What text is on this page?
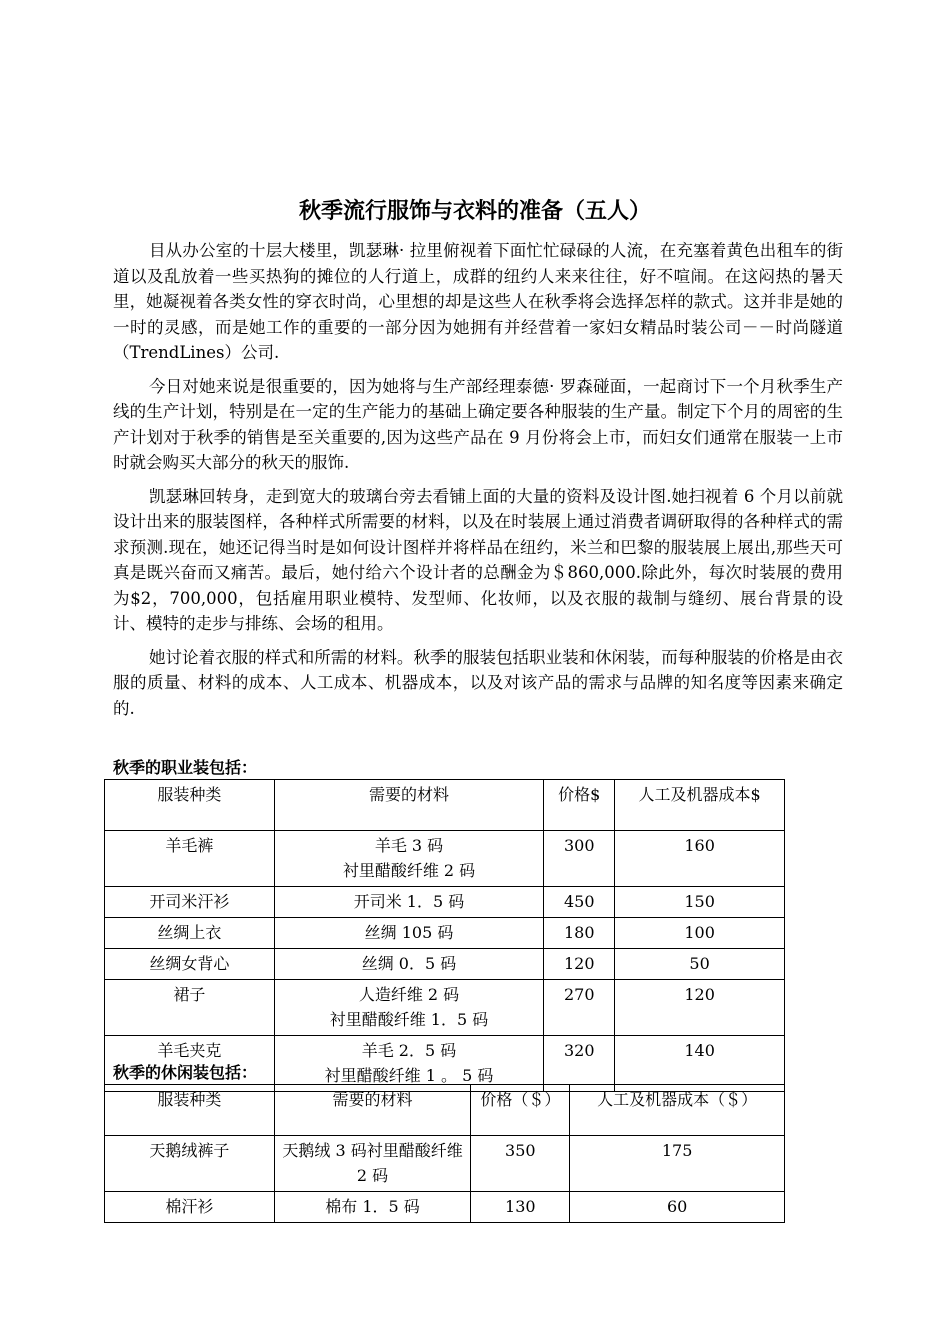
秋季流行服饰与衣料的准备（五人）

目从办公室的十层大楼里，凯瑟琳· 拉里俯视着下面忙忙碌碌的人流，在充塞着黄色出租车的街道以及乱放着一些买热狗的摊位的人行道上，成群的纽约人来来往往，好不喧闹。在这闷热的暑天里，她凝视着各类女性的穿衣时尚，心里想的却是这些人在秋季将会选择怎样的款式。这并非是她的一时的灵感，而是她工作的重要的一部分因为她拥有并经营着一家妇女精品时装公司－－时尚隧道（TrendLines）公司.

今日对她来说是很重要的，因为她将与生产部经理泰德· 罗森碰面，一起商讨下一个月秋季生产线的生产计划，特别是在一定的生产能力的基础上确定要各种服装的生产量。制定下个月的周密的生产计划对于秋季的销售是至关重要的,因为这些产品在 9 月份将会上市，而妇女们通常在服装一上市时就会购买大部分的秋天的服饰.

凯瑟琳回转身，走到宽大的玻璃台旁去看铺上面的大量的资料及设计图.她扫视着 6 个月以前就设计出来的服装图样，各种样式所需要的材料，以及在时装展上通过消费者调研取得的各种样式的需求预测.现在，她还记得当时是如何设计图样并将样品在纽约，米兰和巴黎的服装展上展出,那些天可真是既兴奋而又痛苦。最后，她付给六个设计者的总酬金为＄860,000.除此外，每次时装展的费用为$2，700,000，包括雇用职业模特、发型师、化妆师，以及衣服的裁制与缝纫、展台背景的设计、模特的走步与排练、会场的租用。

她讨论着衣服的样式和所需的材料。秋季的服装包括职业装和休闲装，而每种服装的价格是由衣服的质量、材料的成本、人工成本、机器成本，以及对该产品的需求与品牌的知名度等因素来确定的.

秋季的职业装包括：
服装种类	需要的材料	价格$	人工及机器成本$
羊毛裤	羊毛 3 码
衬里醋酸纤维 2 码	300	160
开司米汗衫	开司米 1．5 码	450	150
丝绸上衣	丝绸 105 码	180	100
丝绸女背心	丝绸 0．5 码	120	50
裙子	人造纤维 2 码
衬里醋酸纤维 1．5 码	270	120
羊毛夹克	羊毛 2．5 码
衬里醋酸纤维 1 。 5 码	320	140
秋季的休闲装包括：
服装种类	需要的材料	价格（＄）	人工及机器成本（＄）
天鹅绒裤子	天鹅绒 3 码衬里醋酸纤维 2 码	350	175
棉汗衫	棉布 1．5 码	130	60
